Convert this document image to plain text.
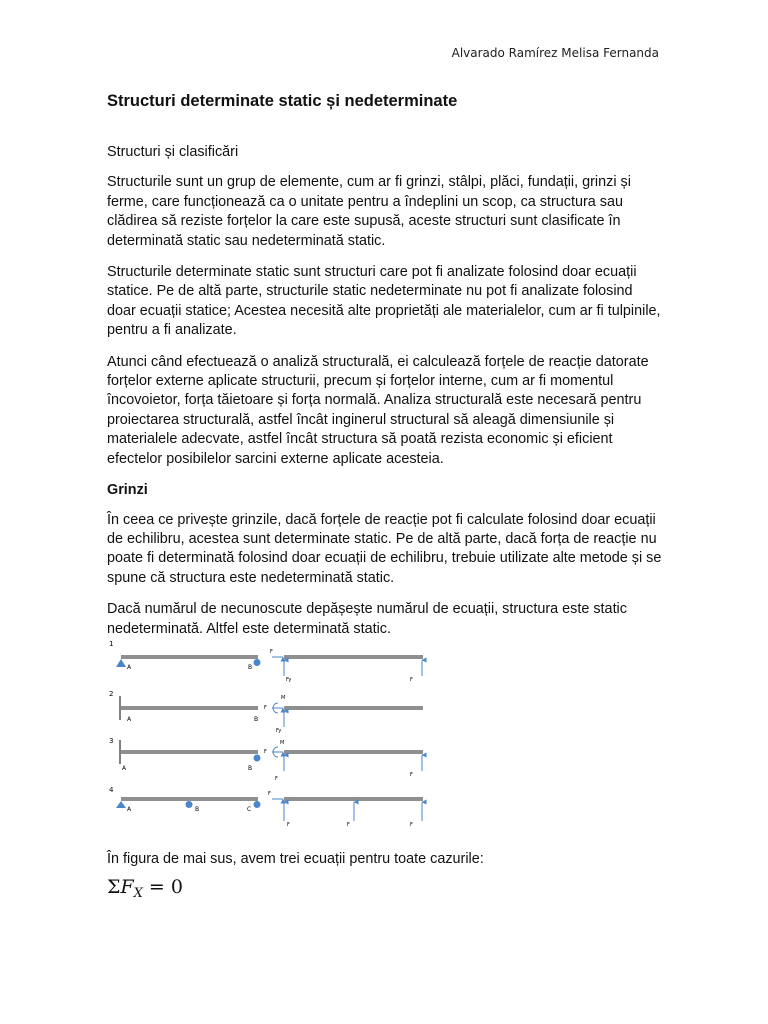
Alvarado Ramírez Melisa Fernanda
Structuri determinate static și nedeterminate

Structuri și clasificări

Structurile sunt un grup de elemente, cum ar fi grinzi, stâlpi, plăci, fundații, grinzi și ferme, care funcționează ca o unitate pentru a îndeplini un scop, ca structura sau clădirea să reziste forțelor la care este supusă, aceste structuri sunt clasificate în determinată static sau nedeterminată static.

Structurile determinate static sunt structuri care pot fi analizate folosind doar ecuații statice. Pe de altă parte, structurile static nedeterminate nu pot fi analizate folosind doar ecuații statice; Acestea necesită alte proprietăți ale materialelor, cum ar fi tulpinile, pentru a fi analizate.

Atunci când efectuează o analiză structurală, ei calculează forțele de reacție datorate forțelor externe aplicate structurii, precum și forțelor interne, cum ar fi momentul încovoietor, forța tăietoare și forța normală. Analiza structurală este necesară pentru proiectarea structurală, astfel încât inginerul structural să aleagă dimensiunile și materialele adecvate, astfel încât structura să poată rezista economic și eficient efectelor posibilelor sarcini externe aplicate acesteia.

Grinzi

În ceea ce privește grinzile, dacă forțele de reacție pot fi calculate folosind doar ecuații de echilibru, acestea sunt determinate static. Pe de altă parte, dacă forța de reacție nu poate fi determinată folosind doar ecuații de echilibru, trebuie utilizate alte metode și se spune că structura este nedeterminată static.

Dacă numărul de necunoscute depășește numărul de ecuații, structura este static nedeterminată. Altfel este determinată static.

1
A	B
F
Fy	F
2
A	B
M
F
Fy
3
A	B
F
M
F
F
4
A	B	C
F
F	F	F
În figura de mai sus, avem trei ecuații pentru toate cazurile:
$\Sigma F_X = 0$
